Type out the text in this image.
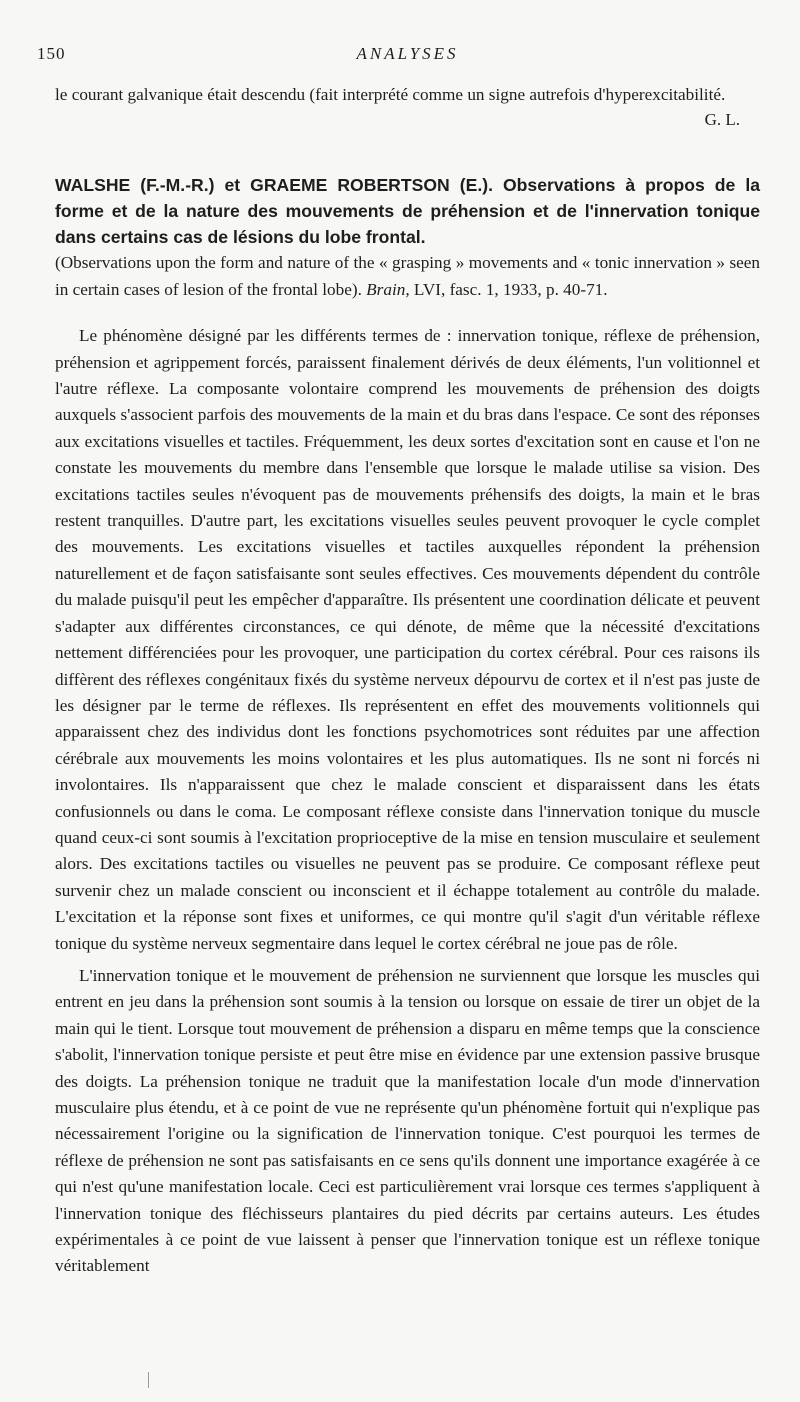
150	ANALYSES

le courant galvanique était descendu (fait interprété comme un signe autrefois d'hyperexcitabilité.

G. L.

WALSHE (F.-M.-R.) et GRAEME ROBERTSON (E.). Observations à propos de la forme et de la nature des mouvements de préhension et de l'innervation tonique dans certains cas de lésions du lobe frontal.

(Observations upon the form and nature of the « grasping » movements and « tonic innervation » seen in certain cases of lesion of the frontal lobe). Brain, LVI, fasc. 1, 1933, p. 40-71.

Le phénomène désigné par les différents termes de : innervation tonique, réflexe de préhension, préhension et agrippement forcés, paraissent finalement dérivés de deux éléments, l'un volitionnel et l'autre réflexe. La composante volontaire comprend les mouvements de préhension des doigts auxquels s'associent parfois des mouvements de la main et du bras dans l'espace. Ce sont des réponses aux excitations visuelles et tactiles. Fréquemment, les deux sortes d'excitation sont en cause et l'on ne constate les mouvements du membre dans l'ensemble que lorsque le malade utilise sa vision. Des excitations tactiles seules n'évoquent pas de mouvements préhensifs des doigts, la main et le bras restent tranquilles. D'autre part, les excitations visuelles seules peuvent provoquer le cycle complet des mouvements. Les excitations visuelles et tactiles auxquelles répondent la préhension naturellement et de façon satisfaisante sont seules effectives. Ces mouvements dépendent du contrôle du malade puisqu'il peut les empêcher d'apparaître. Ils présentent une coordination délicate et peuvent s'adapter aux différentes circonstances, ce qui dénote, de même que la nécessité d'excitations nettement différenciées pour les provoquer, une participation du cortex cérébral. Pour ces raisons ils diffèrent des réflexes congénitaux fixés du système nerveux dépourvu de cortex et il n'est pas juste de les désigner par le terme de réflexes. Ils représentent en effet des mouvements volitionnels qui apparaissent chez des individus dont les fonctions psychomotrices sont réduites par une affection cérébrale aux mouvements les moins volontaires et les plus automatiques. Ils ne sont ni forcés ni involontaires. Ils n'apparaissent que chez le malade conscient et disparaissent dans les états confusionnels ou dans le coma. Le composant réflexe consiste dans l'innervation tonique du muscle quand ceux-ci sont soumis à l'excitation proprioceptive de la mise en tension musculaire et seulement alors. Des excitations tactiles ou visuelles ne peuvent pas se produire. Ce composant réflexe peut survenir chez un malade conscient ou inconscient et il échappe totalement au contrôle du malade. L'excitation et la réponse sont fixes et uniformes, ce qui montre qu'il s'agit d'un véritable réflexe tonique du système nerveux segmentaire dans lequel le cortex cérébral ne joue pas de rôle.

L'innervation tonique et le mouvement de préhension ne surviennent que lorsque les muscles qui entrent en jeu dans la préhension sont soumis à la tension ou lorsque on essaie de tirer un objet de la main qui le tient. Lorsque tout mouvement de préhension a disparu en même temps que la conscience s'abolit, l'innervation tonique persiste et peut être mise en évidence par une extension passive brusque des doigts. La préhension tonique ne traduit que la manifestation locale d'un mode d'innervation musculaire plus étendu, et à ce point de vue ne représente qu'un phénomène fortuit qui n'explique pas nécessairement l'origine ou la signification de l'innervation tonique. C'est pourquoi les termes de réflexe de préhension ne sont pas satisfaisants en ce sens qu'ils donnent une importance exagérée à ce qui n'est qu'une manifestation locale. Ceci est particulièrement vrai lorsque ces termes s'appliquent à l'innervation tonique des fléchisseurs plantaires du pied décrits par certains auteurs. Les études expérimentales à ce point de vue laissent à penser que l'innervation tonique est un réflexe tonique véritablement
